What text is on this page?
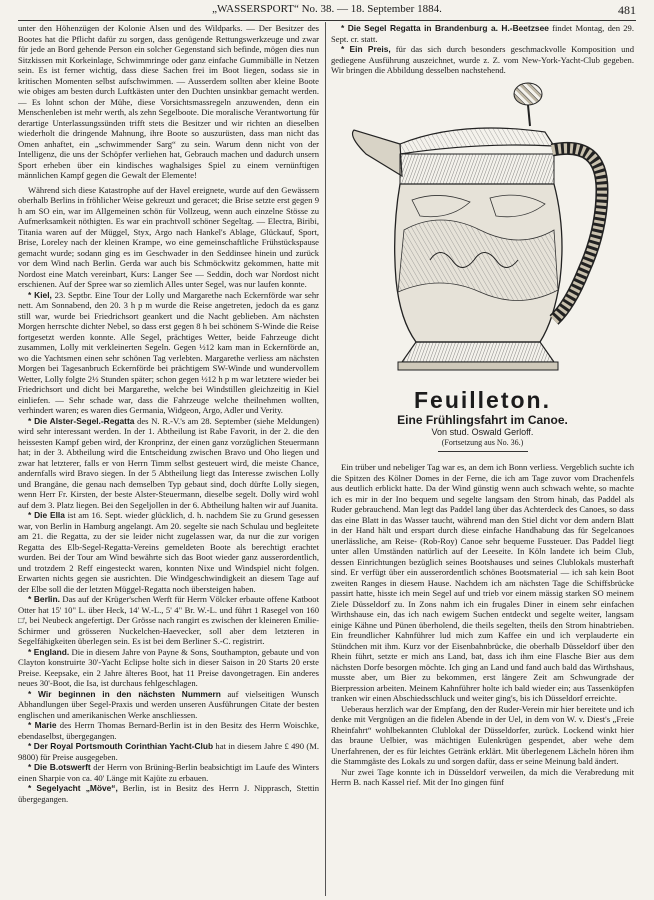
„WASSERSPORT“ No. 38. — 18. September 1884.	481

unter den Höhenzügen der Kolonie Alsen und des Wildparks. — Der Besitzer des Bootes hat die Pflicht dafür zu sorgen, dass genügende Rettungswerkzeuge und zwar für jede an Bord gehende Person ein solcher Gegenstand sich befinde, mögen dies nun Sitzkissen mit Korkeinlage, Schwimmringe oder ganz einfache Gummibälle in Netzen sein. Es ist ferner wichtig, dass diese Sachen frei im Boot liegen, sodass sie in kritischen Momenten selbst aufschwimmen. — Ausserdem sollten aber kleine Boote wie obiges am besten durch Luftkästen unter den Duchten unsinkbar gemacht werden. — Es lohnt schon der Mühe, diese Vorsichtsmassregeln anzuwenden, denn ein Menschenleben ist mehr werth, als zehn Segelboote. Die moralische Verantwortung für derartige Unterlassungssünden trifft stets die Besitzer und wir richten an dieselben wiederholt die dringende Mahnung, ihre Boote so auszurüsten, dass man nicht das Omen anhaftet, ein „schwimmender Sarg“ zu sein. Warum denn nicht von der Intelligenz, die uns der Schöpfer verliehen hat, Gebrauch machen und dadurch unsern Sport erheben über ein kindisches waghalsiges Spiel zu einem vernünftigen männlichen Kampf gegen die Gewalt der Elemente!

Während sich diese Katastrophe auf der Havel ereignete, wurde auf den Gewässern oberhalb Berlins in fröhlicher Weise gekreuzt und geracet; die Brise setzte erst gegen 9 h am SO ein, war im Allgemeinen schön für Vollzeug, wenn auch einzelne Stösse zu Aufmerksamkeit nöthigten. Es war ein prachtvoll schöner Segeltag. — Electra, Biribi, Titania waren auf der Müggel, Styx, Argo nach Hankel's Ablage, Glückauf, Sport, Brise, Loreley nach der kleinen Krampe, wo eine gemeinschaftliche Frühstückspause gemacht wurde; sodann ging es im Geschwader in den Seddinsee hinein und zurück vor dem Wind nach Berlin. Gerda war auch bis Schmöckwitz gekommen, hatte mit Nordost eine Match vereinbart, Kurs: Langer See — Seddin, doch war Nordost nicht erschienen. Auf der Spree war so ziemlich Alles unter Segel, was nur laufen konnte.

* Kiel, 23. Septbr. Eine Tour der Lolly und Margarethe nach Eckernförde war sehr nett. Am Sonnabend, den 20. 3 h p m wurde die Reise angetreten, jedoch da es ganz still war, wurde bei Friedrichsort geankert und die Nacht geblieben. Am nächsten Morgen herrschte dichter Nebel, so dass erst gegen 8 h bei schönem S-Winde die Reise fortgesetzt werden konnte. Alle Segel, prächtiges Wetter, beide Fahrzeuge dicht zusammen, Lolly mit verkleinerten Segeln. Gegen ½12 kam man in Eckernförde an, wo die Yachtsmen einen sehr schönen Tag verlebten. Margarethe verliess am nächsten Morgen bei Tagesanbruch Eckernförde bei prächtigem SW-Winde und wundervollem Wetter, Lolly folgte 2½ Stunden später; schon gegen ½12 h p m war letztere wieder bei Friedrichsort und dicht bei Margarethe, welche bei Windstillen gleichzeitig in Kiel einliefen. — Sehr schade war, dass die Fahrzeuge welche theilnehmen wollten, verhindert waren; es waren dies Germania, Widgeon, Argo, Adler und Verity.

* Die Alster-Segel.-Regatta des N. R.-V.'s am 28. September (siehe Meldungen) wird sehr interessant werden. In der 1. Abtheilung ist Rabe Favorit, in der 2. die den heissesten Kampf geben wird, der Kronprinz, der einen ganz vorzüglichen Steuermann hat; in der 3. Abtheilung wird die Entscheidung zwischen Bravo und Oho liegen und zwar hat letzterer, falls er von Herrn Timm selbst gesteuert wird, die meiste Chance, andernfalls wird Bravo siegen. In der 5 Abtheilung liegt das Interesse zwischen Lolly und Brangäne, die genau nach demselben Typ gebaut sind, doch dürfte Lolly siegen, wenn Herr Fr. Kirsten, der beste Alster-Steuermann, dieselbe segelt. Dolly wird wohl auf dem 3. Platz liegen. Bei den Segeljollen in der 6. Abtheilung halten wir auf Juanita.

* Die Ella ist am 16. Sept. wieder glücklich, d. h. nachdem Sie zu Grund gesessen war, von Berlin in Hamburg angelangt. Am 20. segelte sie nach Schulau und begleitete am 21. die Regatta, zu der sie leider nicht zugelassen war, da nur die zur vorigen Regatta des Elb-Segel-Regatta-Vereins gemeldeten Boote als berechtigt erachtet wurden. Bei der Tour am Wind bewährte sich das Boot wieder ganz ausserordentlich, und trotzdem 2 Reff eingesteckt waren, konnten Nixe und Windspiel nicht folgen. Erwarten nichts gegen sie ausrichten. Die Windgeschwindigkeit an diesem Tage auf der Elbe soll die der letzten Müggel-Regatta noch übersteigen haben.

* Berlin. Das auf der Krüger'schen Werft für Herrn Völcker erbaute offene Katboot Otter hat 15' 10" L. über Heck, 14' W.-L., 5' 4" Br. W.-L. und führt 1 Rasegel von 160 □', bei Neubeck angefertigt. Der Grösse nach rangirt es zwischen der kleineren Emilie-Schirmer und grösseren Nuckelchen-Haevecker, soll aber dem letzteren in Segelfähigkeiten überlegen sein. Es ist bei dem Berliner S.-C. registrirt.

* England. Die in diesem Jahre von Payne & Sons, Southampton, gebaute und von Clayton konstruirte 30'-Yacht Eclipse holte sich in dieser Saison in 20 Starts 20 erste Preise. Keepsake, ein 2 Jahre älteres Boot, hat 11 Preise davongetragen. Ein anderes neues 30'-Boot, die Isa, ist durchaus fehlgeschlagen.

* Wir beginnen in den nächsten Nummern auf vielseitigen Wunsch Abhandlungen über Segel-Praxis und werden unseren Ausführungen Citate der besten englischen und amerikanischen Werke anschliessen.

* Marie des Herrn Thomas Bernard-Berlin ist in den Besitz des Herrn Woischke, ebendaselbst, übergegangen.

* Der Royal Portsmouth Corinthian Yacht-Club hat in diesem Jahre £ 490 (M. 9800) für Preise ausgegeben.

* Die B.otswerft der Herrn von Brüning-Berlin beabsichtigt im Laufe des Winters einen Sharpie von ca. 40' Länge mit Kajüte zu erbauen.

* Segelyacht „Möve“, Berlin, ist in Besitz des Herrn J. Nipprasch, Stettin übergegangen.

* Die Segel Regatta in Brandenburg a. H.-Beetzsee findet Montag, den 29. Sept. cr. statt.

* Ein Preis, für das sich durch besonders geschmackvolle Komposition und gediegene Ausführung auszeichnet, wurde z. Z. vom New-York-Yacht-Club gegeben. Wir bringen die Abbildung desselben nachstehend.

Feuilleton.
Eine Frühlingsfahrt im Canoe.
Von stud. Oswald Gerloff.
(Fortsetzung aus No. 36.)

Ein trüber und nebeliger Tag war es, an dem ich Bonn verliess. Vergeblich suchte ich die Spitzen des Kölner Domes in der Ferne, die ich am Tage zuvor vom Drachenfels aus deutlich erblickt hatte. Da der Wind günstig wenn auch schwach wehte, so machte ich es mir in der Ino bequem und segelte langsam den Strom hinab, das Paddel als Ruder gebrauchend. Man legt das Paddel lang über das Achterdeck des Canoes, so dass das eine Blatt in das Wasser taucht, während man den Stiel dicht vor dem andern Blatt in der Hand hält und erspart durch diese einfache Handhabung das für Segelcanoes unerlässliche, am Reise- (Rob-Roy) Canoe sehr bequeme Fussteuer. Das Paddel liegt unter allen Umständen natürlich auf der Leeseite. In Köln landete ich beim Club, dessen Einrichtungen bezüglich seines Bootshauses und seines Clublokals musterhaft sind. Er verfügt über ein ausserordentlich schönes Bootsmaterial — ich sah kein Boot zweiten Ranges in diesem Hause. Nachdem ich am nächsten Tage die Schiffsbrücke passirt hatte, hisste ich mein Segel auf und trieb vor einem mässig starken SO meinem Ziele Düsseldorf zu. In Zons nahm ich ein frugales Diner in einem sehr einfachen Wirthshause ein, das ich nach ewigem Suchen entdeckt und segelte weiter, langsam einige Kähne und Pünen überholend, die theils segelten, theils den Strom hinabtrieben. Ein freundlicher Kahnführer lud mich zum Kaffee ein und ich verplauderte ein Stündchen mit ihm. Kurz vor der Eisenbahnbrücke, die oberhalb Düsseldorf über den Rhein führt, setzte er mich ans Land, bat, dass ich ihm eine Flasche Bier aus dem nächsten Dorfe besorgen möchte. Ich ging an Land und fand auch bald das Wirthshaus, musste aber, um Bier zu bekommen, erst längere Zeit am Schwungrade der Bierpression arbeiten. Meinem Kahnführer holte ich bald wieder ein; aus Tassenköpfen tranken wir einen Abschiedsschluck und weiter ging's, bis ich Düsseldorf erreichte.

Ueberaus herzlich war der Empfang, den der Ruder-Verein mir hier bereitete und ich denke mit Vergnügen an die fidelen Abende in der Uel, in dem von W. v. Diest's „Freie Rheinfahrt“ wohlbekannten Clublokal der Düsseldorfer, zurück. Lockend winkt hier das braune Uelbier, was mächtigen Eulenkrügen gespendet, aber wehe dem Unerfahrenen, der es für leichtes Getränk erklärt. Mit überlegenem Lächeln hören ihm die Stammgäste des Lokals zu und sorgen dafür, dass er seine Meinung bald ändert.

Nur zwei Tage konnte ich in Düsseldorf verweilen, da mich die Verabredung mit Herrn B. nach Kassel rief. Mit der Ino gingen fünf
